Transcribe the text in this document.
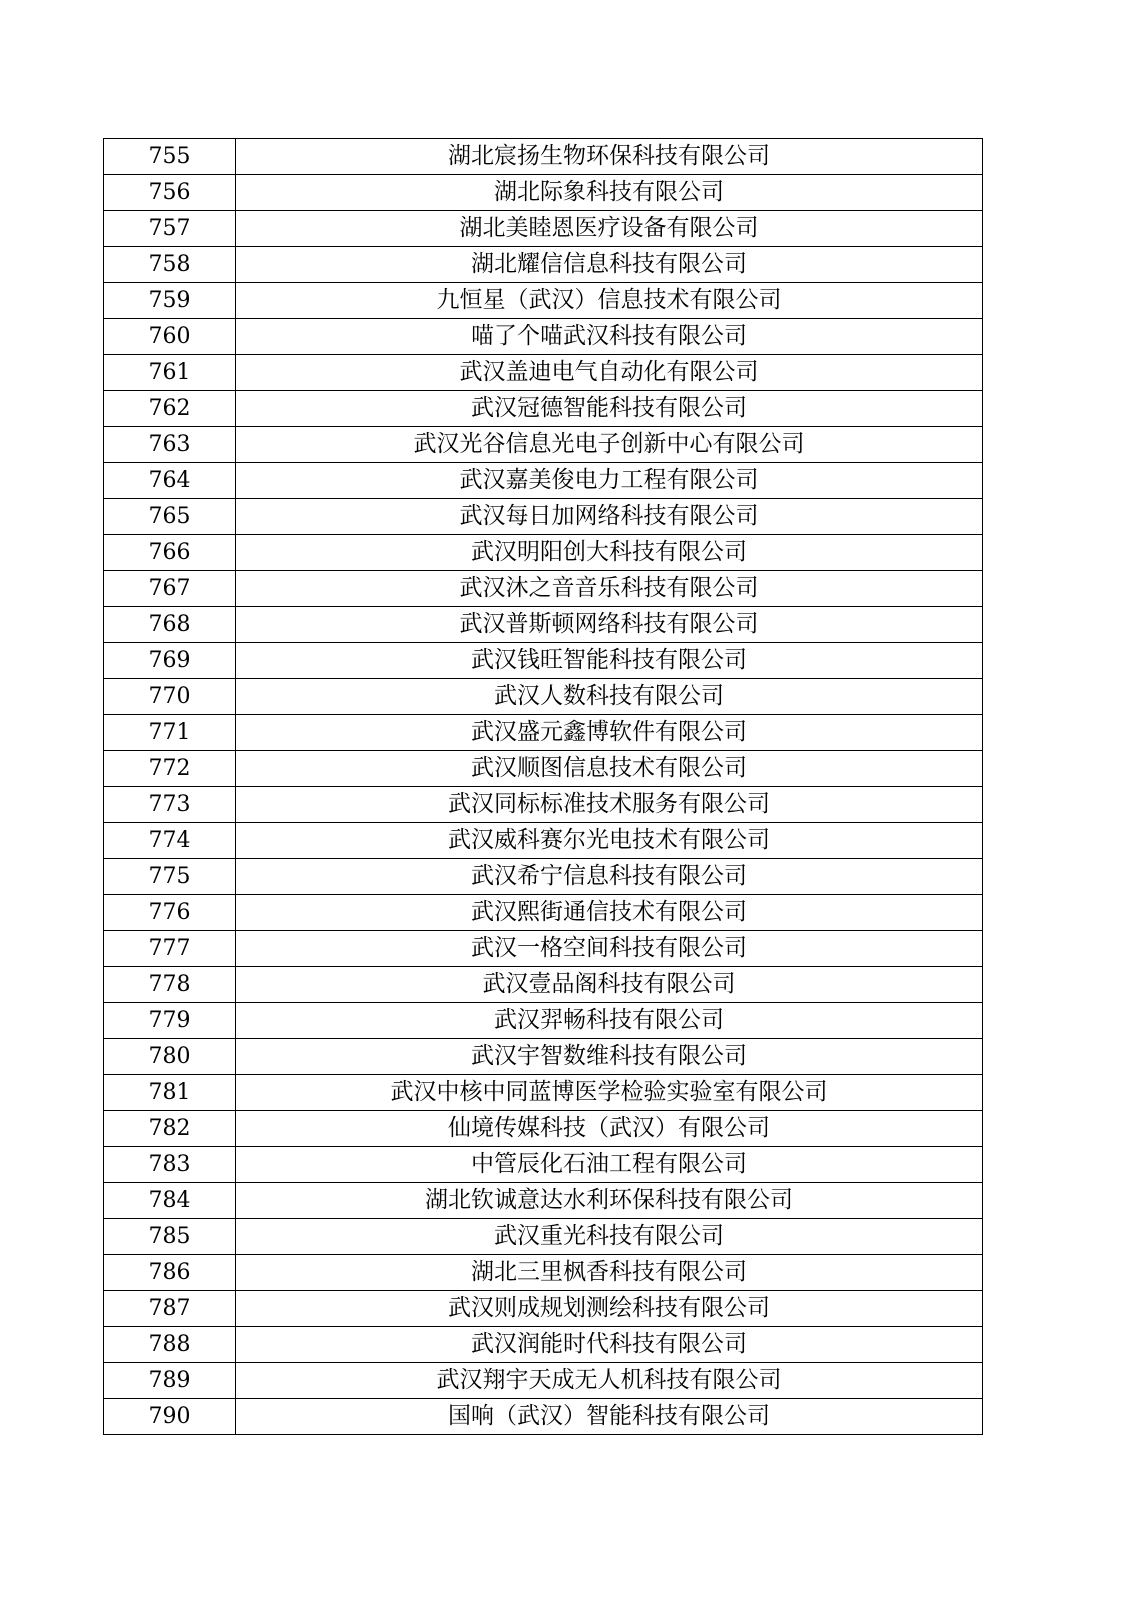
755	湖北宸扬生物环保科技有限公司
756	湖北际象科技有限公司
757	湖北美睦恩医疗设备有限公司
758	湖北耀信信息科技有限公司
759	九恒星（武汉）信息技术有限公司
760	喵了个喵武汉科技有限公司
761	武汉盖迪电气自动化有限公司
762	武汉冠德智能科技有限公司
763	武汉光谷信息光电子创新中心有限公司
764	武汉嘉美俊电力工程有限公司
765	武汉每日加网络科技有限公司
766	武汉明阳创大科技有限公司
767	武汉沐之音音乐科技有限公司
768	武汉普斯顿网络科技有限公司
769	武汉钱旺智能科技有限公司
770	武汉人数科技有限公司
771	武汉盛元鑫博软件有限公司
772	武汉顺图信息技术有限公司
773	武汉同标标准技术服务有限公司
774	武汉威科赛尔光电技术有限公司
775	武汉希宁信息科技有限公司
776	武汉熙街通信技术有限公司
777	武汉一格空间科技有限公司
778	武汉壹品阁科技有限公司
779	武汉羿畅科技有限公司
780	武汉宇智数维科技有限公司
781	武汉中核中同蓝博医学检验实验室有限公司
782	仙境传媒科技（武汉）有限公司
783	中管辰化石油工程有限公司
784	湖北钦诚意达水利环保科技有限公司
785	武汉重光科技有限公司
786	湖北三里枫香科技有限公司
787	武汉则成规划测绘科技有限公司
788	武汉润能时代科技有限公司
789	武汉翔宇天成无人机科技有限公司
790	国响（武汉）智能科技有限公司
